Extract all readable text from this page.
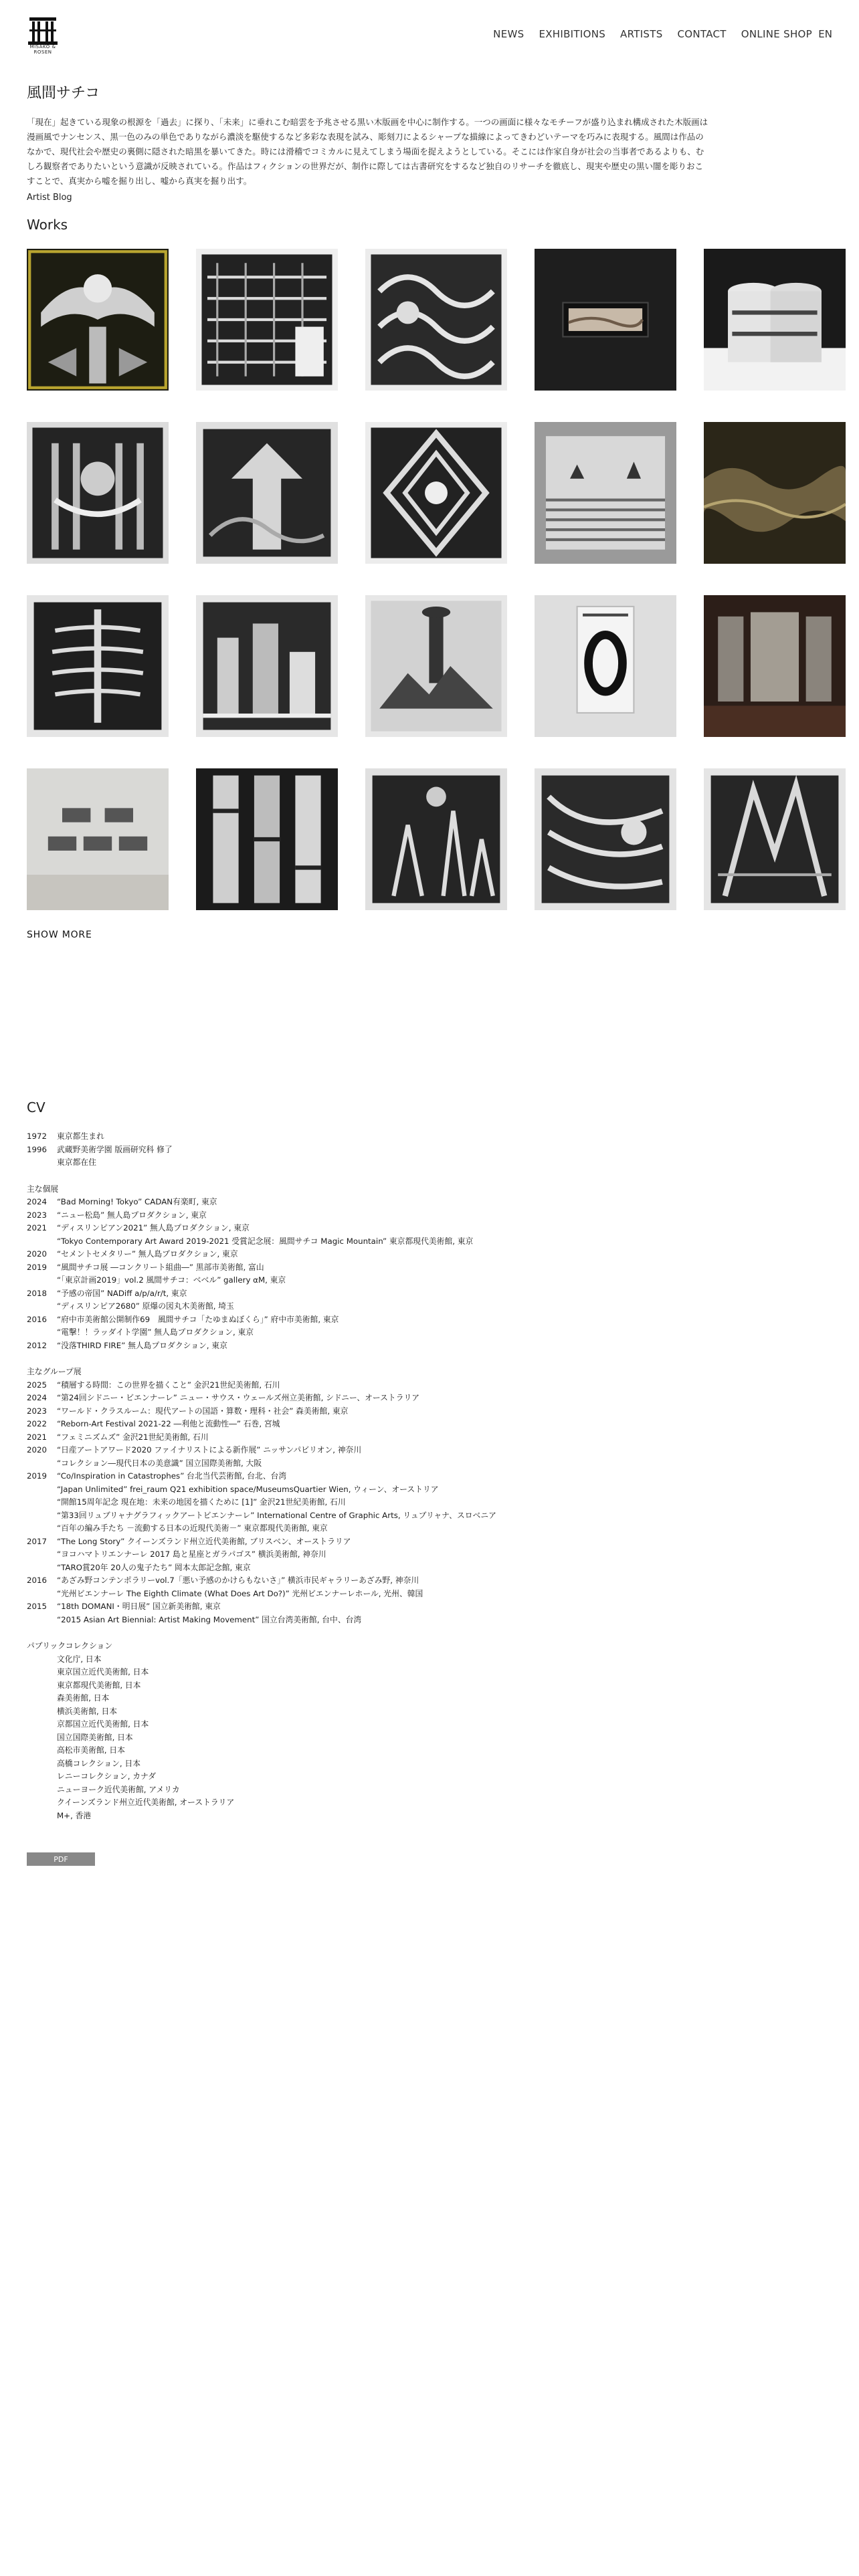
MISAKO & ROSEN
NEWS EXHIBITIONS ARTISTS CONTACT ONLINE SHOP EN
風間サチコ

「現在」起きている現象の根源を「過去」に探り、「未来」に垂れこむ暗雲を予兆させる黒い木版画を中心に制作する。一つの画面に様々なモチーフが盛り込まれ構成された木版画は漫画風でナンセンス、黒一色のみの単色でありながら濃淡を駆使するなど多彩な表現を試み、彫刻刀によるシャープな描線によってきわどいテーマを巧みに表現する。風間は作品のなかで、現代社会や歴史の裏側に隠された暗黒を暴いてきた。時には滑稽でコミカルに見えてしまう場面を捉えようとしている。そこには作家自身が社会の当事者であるよりも、むしろ観察者でありたいという意識が反映されている。作品はフィクションの世界だが、制作に際しては古書研究をするなど独自のリサーチを徹底し、現実や歴史の黒い闇を彫りおこすことで、真実から嘘を掘り出し、嘘から真実を掘り出す。

Artist Blog
Works
SHOW MORE
CV
1972	東京都生まれ
1996	武蔵野美術学園 版画研究科 修了
東京都在住
主な個展
2024	“Bad Morning! Tokyo” CADAN有楽町, 東京
2023	“ニュー松島” 無人島プロダクション, 東京
2021	“ディスリンピアン2021” 無人島プロダクション, 東京
“Tokyo Contemporary Art Award 2019-2021 受賞記念展：風間サチコ Magic Mountain” 東京都現代美術館, 東京
2020	“セメントセメタリー” 無人島プロダクション, 東京
2019	“風間サチコ展 ―コンクリート組曲―” 黒部市美術館, 富山
“「東京計画2019」vol.2 風間サチコ：ベベル” gallery αM, 東京
2018	“予感の帝国” NADiff a/p/a/r/t, 東京
“ディスリンピア2680” 原爆の図丸木美術館, 埼玉
2016	“府中市美術館公開制作69　風間サチコ「たゆまぬぼくら」” 府中市美術館, 東京
“電撃！！ラッダイト学園” 無人島プロダクション, 東京
2012	“没落THIRD FIRE” 無人島プロダクション, 東京
主なグループ展
2025	“積層する時間：この世界を描くこと” 金沢21世紀美術館, 石川
2024	“第24回シドニー・ビエンナーレ” ニュー・サウス・ウェールズ州立美術館, シドニー、オーストラリア
2023	“ワールド・クラスルーム：現代アートの国語・算数・理科・社会” 森美術館, 東京
2022	“Reborn-Art Festival 2021-22 ―利他と流動性―” 石巻, 宮城
2021	“フェミニズムズ” 金沢21世紀美術館, 石川
2020	“日産アートアワード2020 ファイナリストによる新作展” ニッサンパビリオン, 神奈川
“コレクション―現代日本の美意識” 国立国際美術館, 大阪
2019	“Co/Inspiration in Catastrophes” 台北当代芸術館, 台北、台湾
“Japan Unlimited” frei_raum Q21 exhibition space/MuseumsQuartier Wien, ウィーン、オーストリア
“開館15周年記念 現在地：未来の地図を描くために [1]” 金沢21世紀美術館, 石川
“第33回リュブリャナグラフィックアートビエンナーレ” International Centre of Graphic Arts, リュブリャナ、スロベニア
“百年の編み手たち －流動する日本の近現代美術－” 東京都現代美術館, 東京
2017	“The Long Story” クイーンズランド州立近代美術館, ブリスベン、オーストラリア
“ヨコハマトリエンナーレ 2017 島と星座とガラパゴス” 横浜美術館, 神奈川
“TARO賞20年 20人の鬼子たち” 岡本太郎記念館, 東京
2016	“あざみ野コンテンポラリーvol.7「悪い予感のかけらもないさ」” 横浜市民ギャラリーあざみ野, 神奈川
“光州ビエンナーレ The Eighth Climate (What Does Art Do?)” 光州ビエンナーレホール, 光州、韓国
2015	“18th DOMANI・明日展” 国立新美術館, 東京
“2015 Asian Art Biennial: Artist Making Movement” 国立台湾美術館, 台中、台湾
パブリックコレクション
文化庁, 日本
東京国立近代美術館, 日本
東京都現代美術館, 日本
森美術館, 日本
横浜美術館, 日本
京都国立近代美術館, 日本
国立国際美術館, 日本
高松市美術館, 日本
高橋コレクション, 日本
レニーコレクション, カナダ
ニューヨーク近代美術館, アメリカ
クイーンズランド州立近代美術館, オーストラリア
M+, 香港
PDF
